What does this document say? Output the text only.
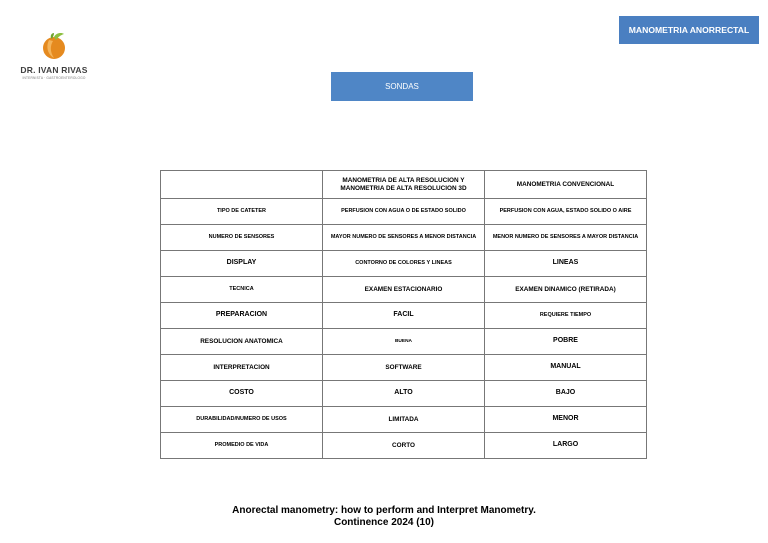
DR. IVAN RIVAS
INTERNISTA · GASTROENTEROLOGO
MANOMETRIA ANORRECTAL
SONDAS
	MANOMETRIA DE ALTA RESOLUCION Y MANOMETRIA DE ALTA RESOLUCION 3D	MANOMETRIA CONVENCIONAL
TIPO DE CATETER	PERFUSION CON AGUA O DE ESTADO SOLIDO	PERFUSION CON AGUA, ESTADO SOLIDO O AIRE
NUMERO DE SENSORES	MAYOR NUMERO DE SENSORES A MENOR DISTANCIA	MENOR NUMERO DE SENSORES A MAYOR DISTANCIA
DISPLAY	CONTORNO DE COLORES Y LINEAS	LINEAS
TECNICA	EXAMEN ESTACIONARIO	EXAMEN DINAMICO (RETIRADA)
PREPARACION	FACIL	REQUIERE TIEMPO
RESOLUCION ANATOMICA	BUENA	POBRE
INTERPRETACION	SOFTWARE	MANUAL
COSTO	ALTO	BAJO
DURABILIDAD/NUMERO DE USOS	LIMITADA	MENOR
PROMEDIO DE VIDA	CORTO	LARGO
Anorectal manometry: how to perform and Interpret Manometry.
Continence 2024 (10)
